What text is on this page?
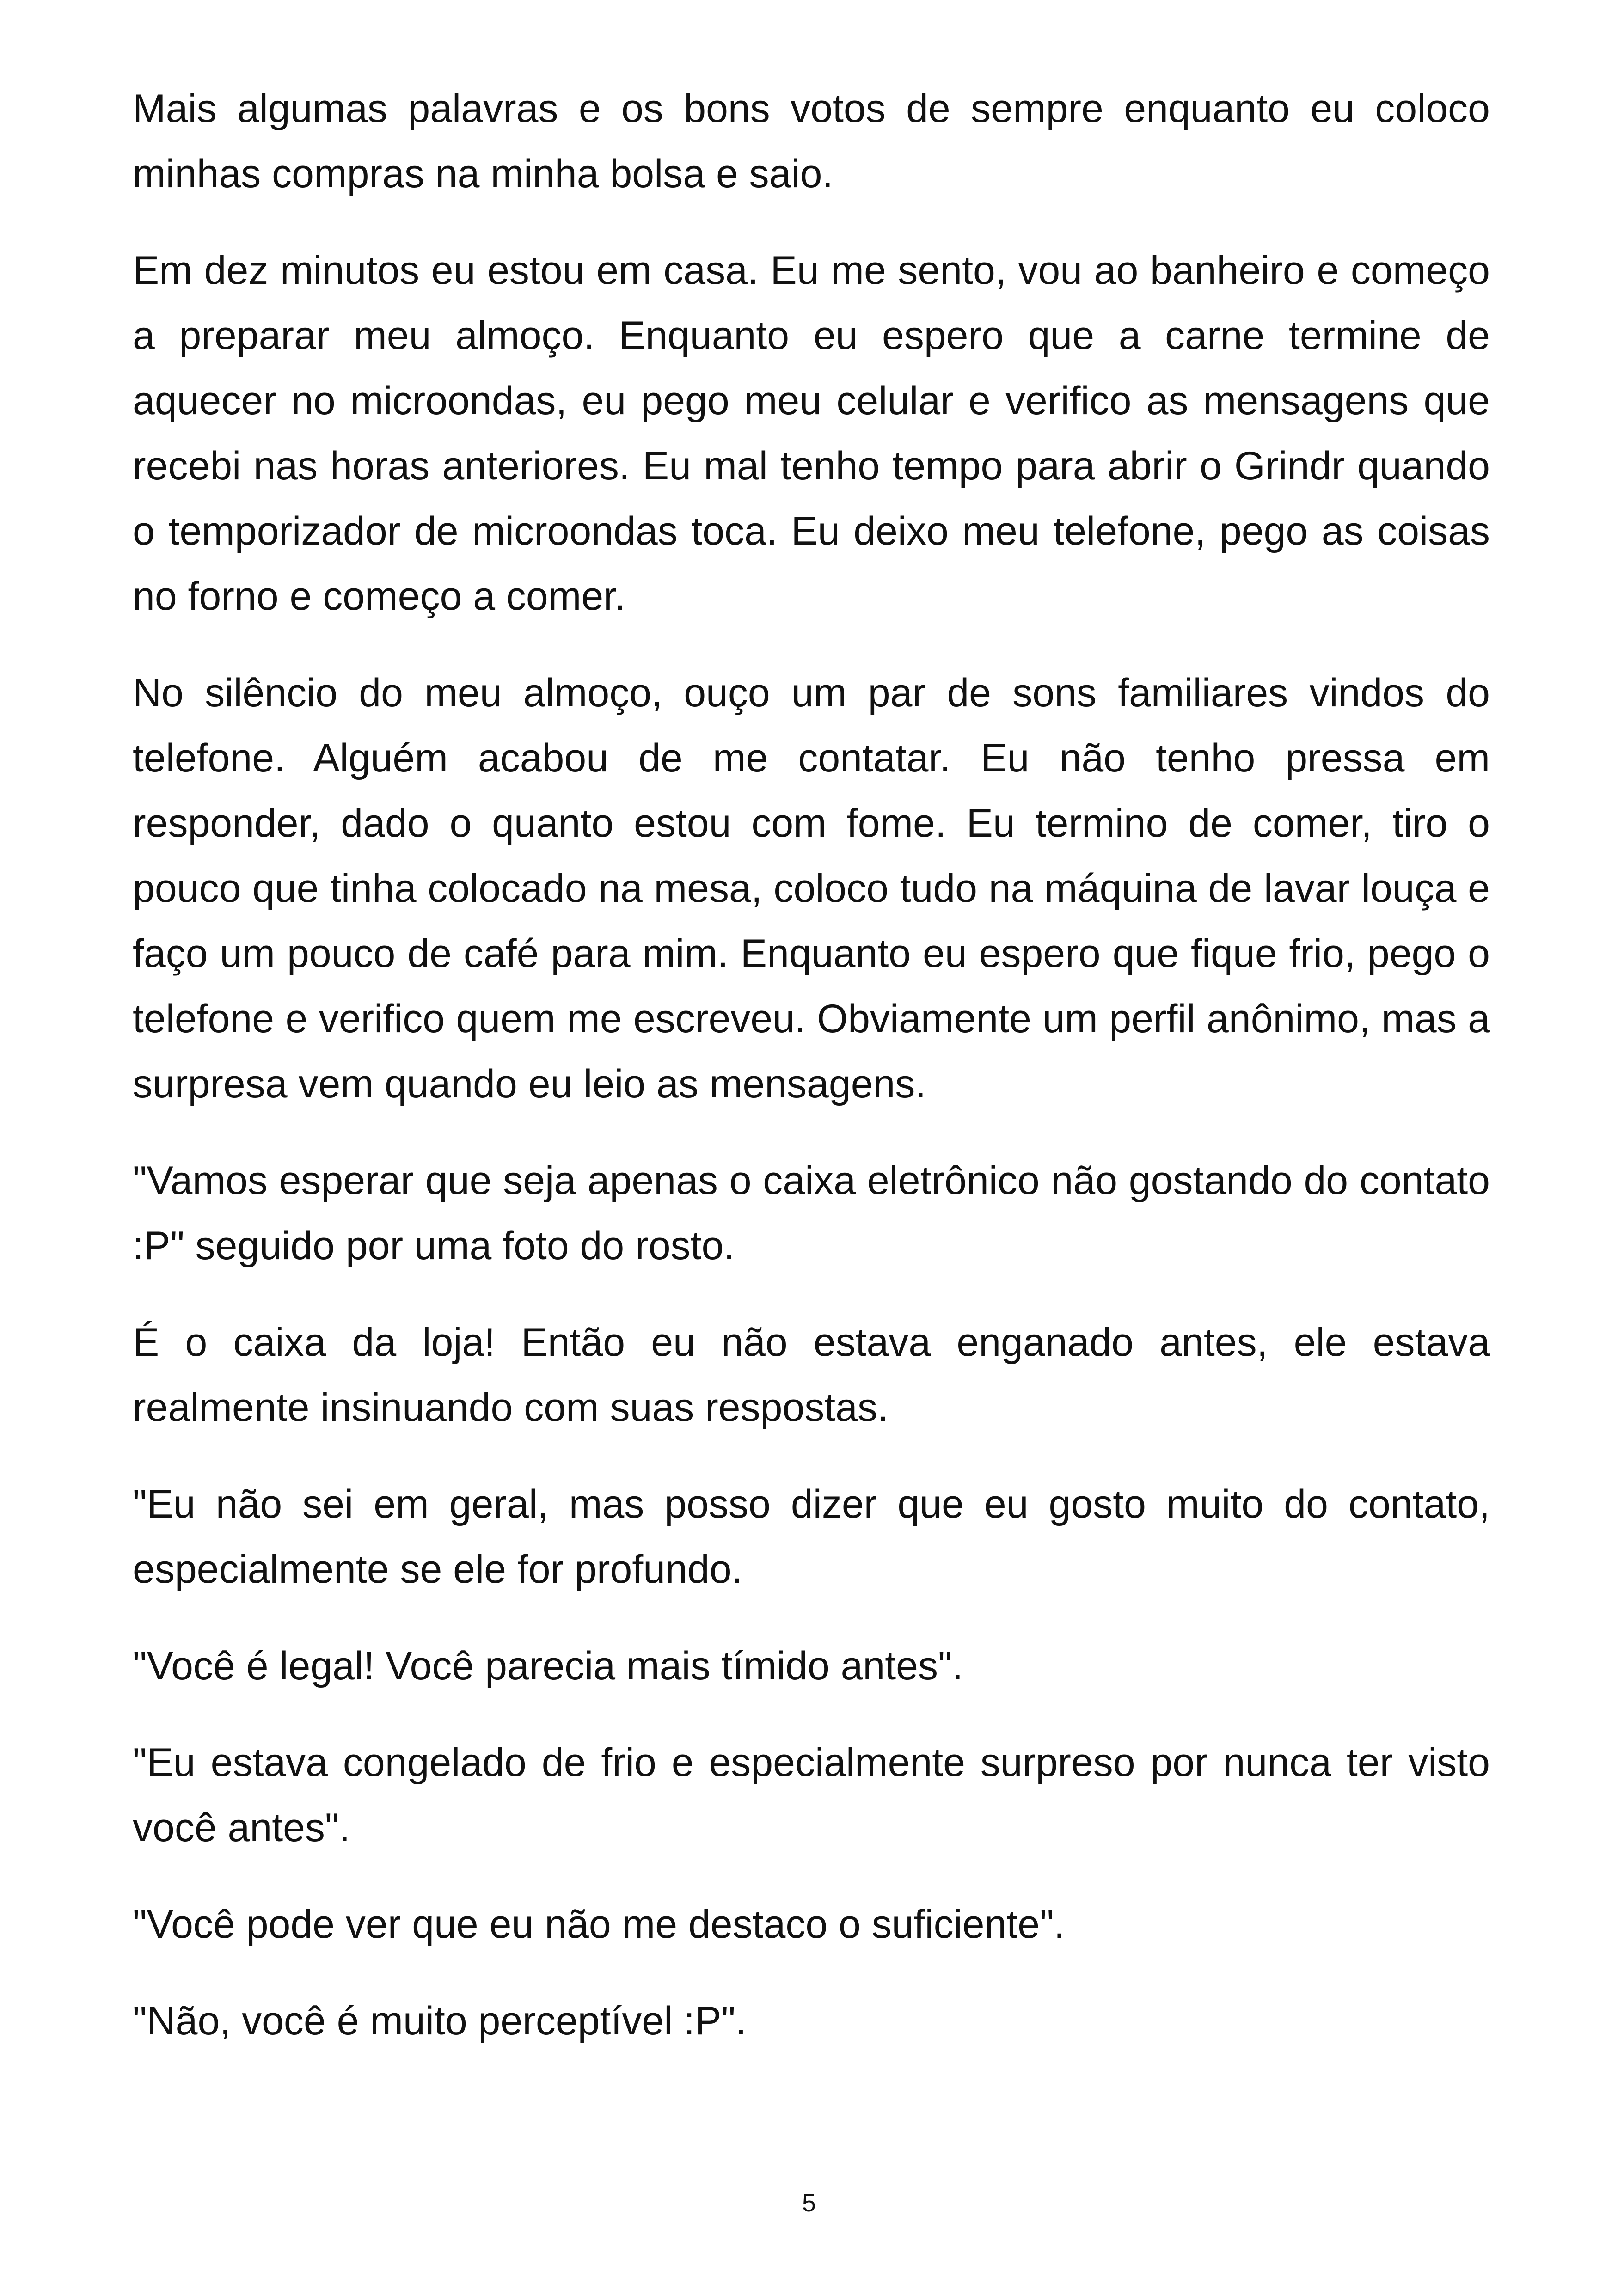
Mais algumas palavras e os bons votos de sempre enquanto eu coloco minhas compras na minha bolsa e saio.

Em dez minutos eu estou em casa. Eu me sento, vou ao banheiro e começo a preparar meu almoço. Enquanto eu espero que a carne termine de aquecer no microondas, eu pego meu celular e verifico as mensagens que recebi nas horas anteriores. Eu mal tenho tempo para abrir o Grindr quando o temporizador de microondas toca. Eu deixo meu telefone, pego as coisas no forno e começo a comer.

No silêncio do meu almoço, ouço um par de sons familiares vindos do telefone. Alguém acabou de me contatar. Eu não tenho pressa em responder, dado o quanto estou com fome. Eu termino de comer, tiro o pouco que tinha colocado na mesa, coloco tudo na máquina de lavar louça e faço um pouco de café para mim. Enquanto eu espero que fique frio, pego o telefone e verifico quem me escreveu. Obviamente um perfil anônimo, mas a surpresa vem quando eu leio as mensagens.

"Vamos esperar que seja apenas o caixa eletrônico não gostando do contato :P" seguido por uma foto do rosto.

É o caixa da loja! Então eu não estava enganado antes, ele estava realmente insinuando com suas respostas.

"Eu não sei em geral, mas posso dizer que eu gosto muito do contato, especialmente se ele for profundo.

"Você é legal! Você parecia mais tímido antes".

"Eu estava congelado de frio e especialmente surpreso por nunca ter visto você antes".

"Você pode ver que eu não me destaco o suficiente".

"Não, você é muito perceptível :P".

5
